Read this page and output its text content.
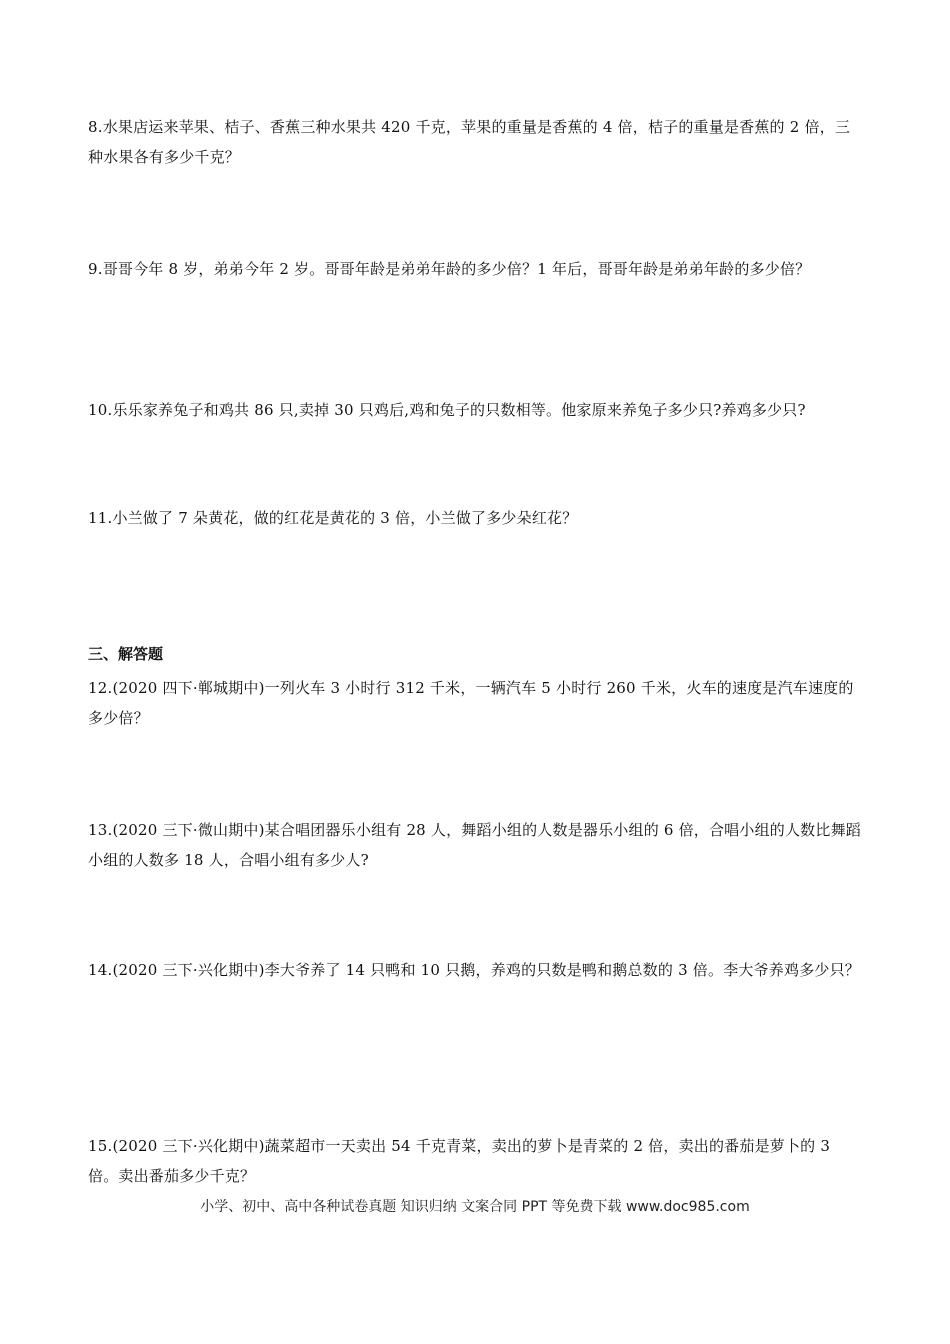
8.水果店运来苹果、桔子、香蕉三种水果共 420 千克，苹果的重量是香蕉的 4 倍，桔子的重量是香蕉的 2 倍，三种水果各有多少千克？

9.哥哥今年 8 岁，弟弟今年 2 岁。哥哥年龄是弟弟年龄的多少倍？1 年后，哥哥年龄是弟弟年龄的多少倍？

10.乐乐家养兔子和鸡共 86 只,卖掉 30 只鸡后,鸡和兔子的只数相等。他家原来养兔子多少只?养鸡多少只?

11.小兰做了 7 朵黄花，做的红花是黄花的 3 倍，小兰做了多少朵红花？

三、解答题

12.(2020 四下·郸城期中)一列火车 3 小时行 312 千米，一辆汽车 5 小时行 260 千米，火车的速度是汽车速度的多少倍？

13.(2020 三下·微山期中)某合唱团器乐小组有 28 人，舞蹈小组的人数是器乐小组的 6 倍，合唱小组的人数比舞蹈小组的人数多 18 人，合唱小组有多少人?

14.(2020 三下·兴化期中)李大爷养了 14 只鸭和 10 只鹅，养鸡的只数是鸭和鹅总数的 3 倍。李大爷养鸡多少只？

15.(2020 三下·兴化期中)蔬菜超市一天卖出 54 千克青菜，卖出的萝卜是青菜的 2 倍，卖出的番茄是萝卜的 3 倍。卖出番茄多少千克？

小学、初中、高中各种试卷真题 知识归纳 文案合同 PPT 等免费下载 www.doc985.com
